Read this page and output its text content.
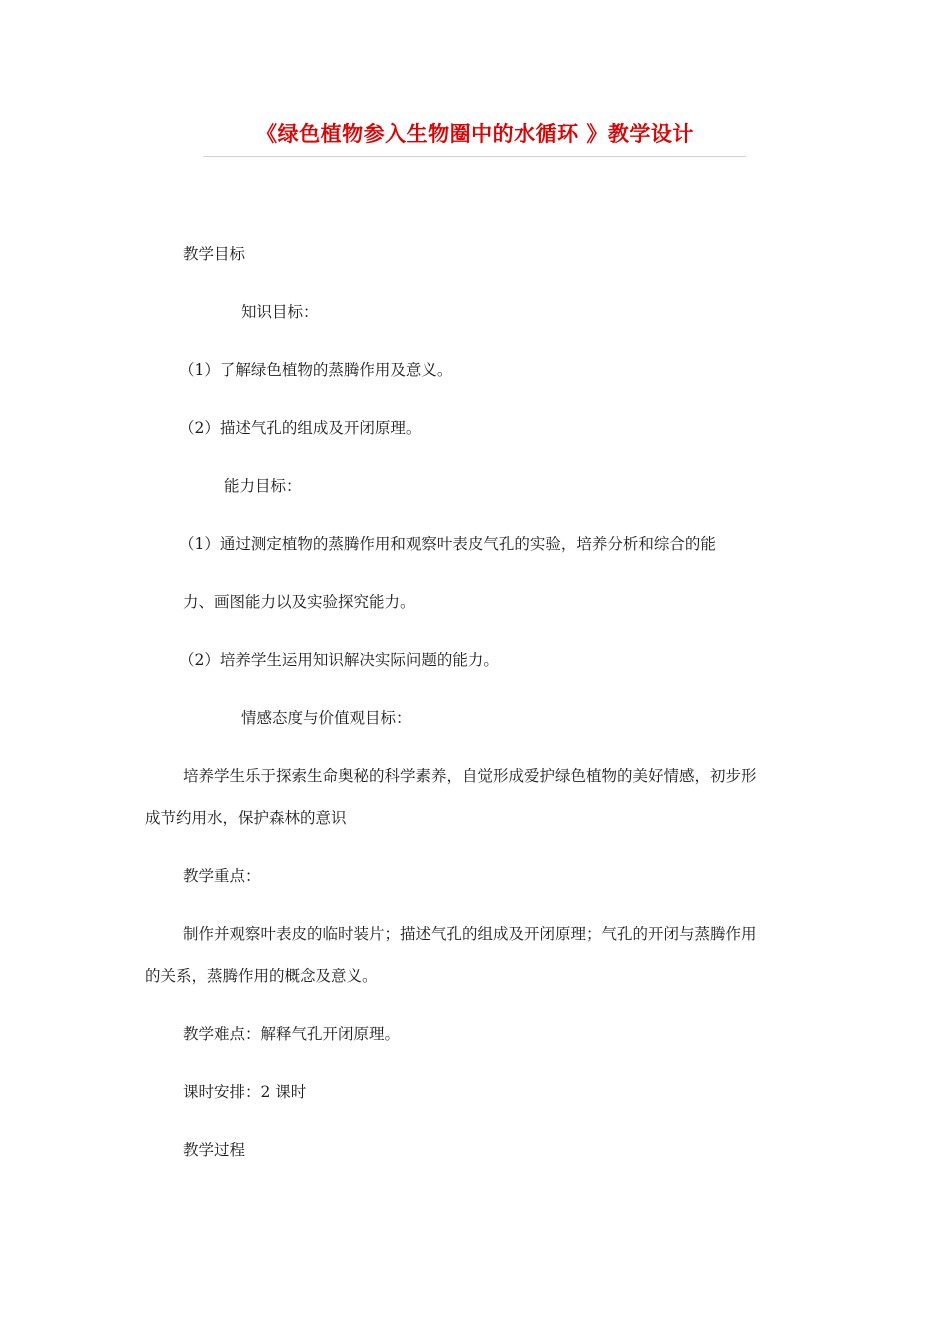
《绿色植物参入生物圈中的水循环 》教学设计
教学目标
知识目标：
（1）了解绿色植物的蒸腾作用及意义。
（2）描述气孔的组成及开闭原理。
能力目标：
（1）通过测定植物的蒸腾作用和观察叶表皮气孔的实验，培养分析和综合的能
力、画图能力以及实验探究能力。
（2）培养学生运用知识解决实际问题的能力。
情感态度与价值观目标：
培养学生乐于探索生命奥秘的科学素养，自觉形成爱护绿色植物的美好情感，初步形
成节约用水，保护森林的意识
教学重点：
制作并观察叶表皮的临时装片；描述气孔的组成及开闭原理；气孔的开闭与蒸腾作用
的关系，蒸腾作用的概念及意义。
教学难点：解释气孔开闭原理。
课时安排：2 课时
教学过程
